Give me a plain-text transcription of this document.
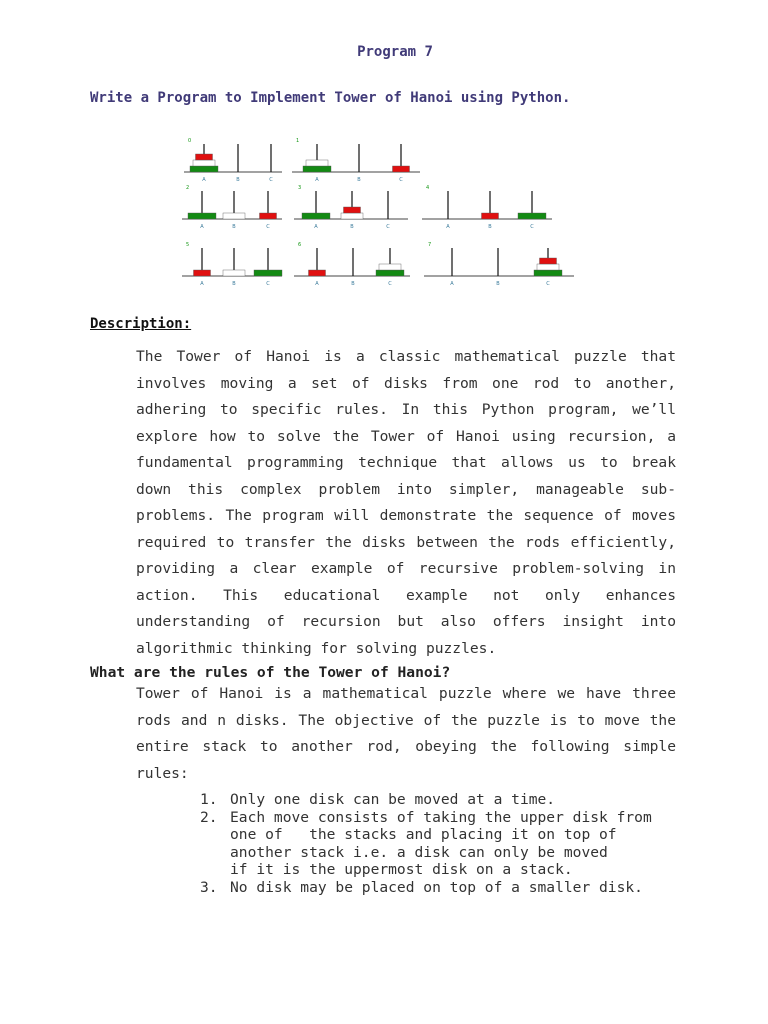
Program 7
Write a Program to Implement Tower of Hanoi using Python.
0
A	B	C
1
A	B	C
2
A	B	C
3
A	B	C
4
A	B	C
5
A	B	C
6
A	B	C
7
A	B	C
Description:

The Tower of Hanoi is a classic mathematical puzzle that involves moving a set of disks from one rod to another, adhering to specific rules. In this Python program, we’ll explore how to solve the Tower of Hanoi using recursion, a fundamental programming technique that allows us to break down this complex problem into simpler, manageable sub-problems. The program will demonstrate the sequence of moves required to transfer the disks between the rods efficiently, providing a clear example of recursive problem-solving in action. This educational example not only enhances understanding of recursion but also offers insight into algorithmic thinking for solving puzzles.

What are the rules of the Tower of Hanoi?

Tower of Hanoi is a mathematical puzzle where we have three rods and n disks. The objective of the puzzle is to move the entire stack to another rod, obeying the following simple rules:

1. Only one disk can be moved at a time.
2. Each move consists of taking the upper disk from
one of   the stacks and placing it on top of
another stack i.e. a disk can only be moved
if it is the uppermost disk on a stack.
3. No disk may be placed on top of a smaller disk.
